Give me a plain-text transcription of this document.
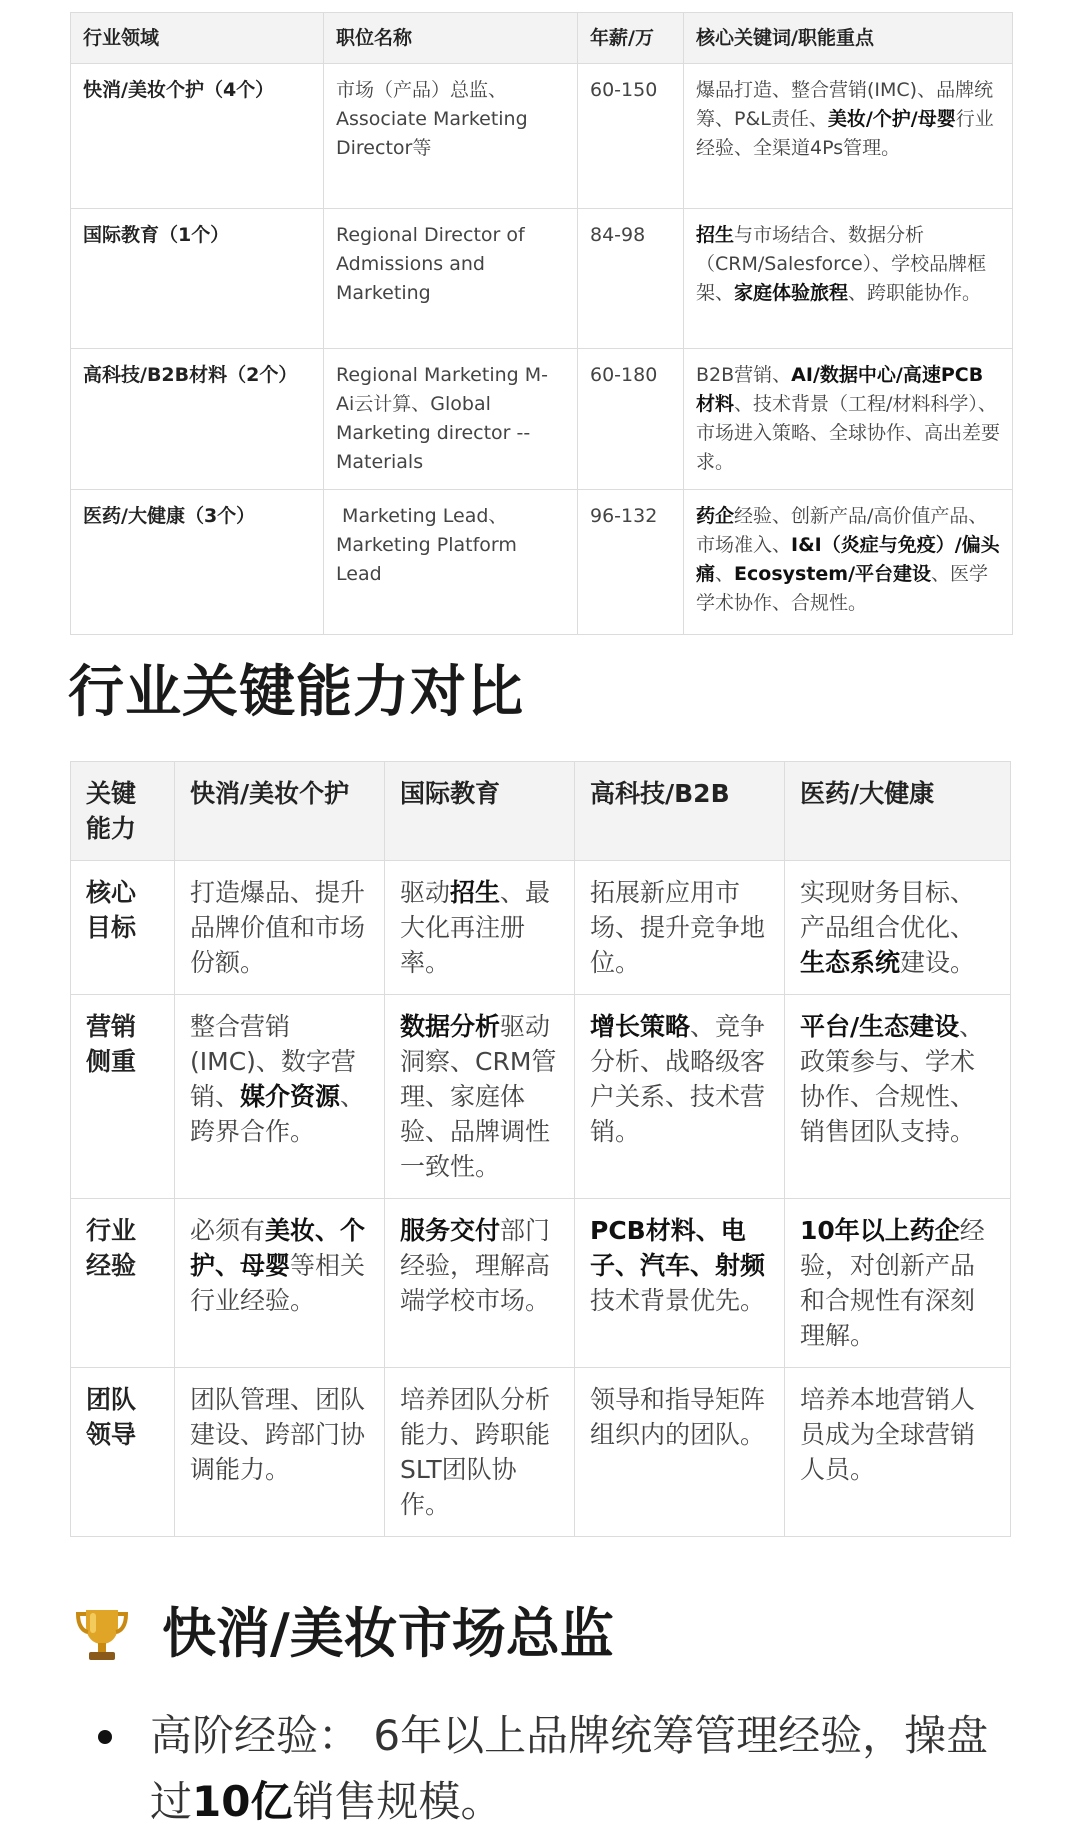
行业领域	职位名称	年薪/万	核心关键词/职能重点
快消/美妆个护（4个）	市场（产品）总监、Associate Marketing Director等	60-150	爆品打造、整合营销(IMC)、品牌统筹、P&L责任、美妆/个护/母婴行业经验、全渠道4Ps管理。
国际教育（1个）	Regional Director of Admissions and Marketing	84-98	招生与市场结合、数据分析（CRM/Salesforce）、学校品牌框架、家庭体验旅程、跨职能协作。
高科技/B2B材料（2个）	Regional Marketing M-Ai云计算、Global Marketing director --Materials	60-180	B2B营销、AI/数据中心/高速PCB材料、技术背景（工程/材料科学）、市场进入策略、全球协作、高出差要求。
医药/大健康（3个）	Marketing Lead、Marketing Platform Lead	96-132	药企经验、创新产品/高价值产品、市场准入、I&I（炎症与免疫）/偏头痛、Ecosystem/平台建设、医学学术协作、合规性。
行业关键能力对比
关键能力	快消/美妆个护	国际教育	高科技/B2B	医药/大健康
核心目标	打造爆品、提升品牌价值和市场份额。	驱动招生、最大化再注册率。	拓展新应用市场、提升竞争地位。	实现财务目标、产品组合优化、生态系统建设。
营销侧重	整合营销(IMC)、数字营销、媒介资源、跨界合作。	数据分析驱动洞察、CRM管理、家庭体验、品牌调性一致性。	增长策略、竞争分析、战略级客户关系、技术营销。	平台/生态建设、政策参与、学术协作、合规性、销售团队支持。
行业经验	必须有美妆、个护、母婴等相关行业经验。	服务交付部门经验，理解高端学校市场。	PCB材料、电子、汽车、射频技术背景优先。	10年以上药企经验，对创新产品和合规性有深刻理解。
团队领导	团队管理、团队建设、跨部门协调能力。	培养团队分析能力、跨职能SLT团队协作。	领导和指导矩阵组织内的团队。	培养本地营销人员成为全球营销人员。
快消/美妆市场总监
高阶经验： 6年以上品牌统筹管理经验，操盘过10亿销售规模。
